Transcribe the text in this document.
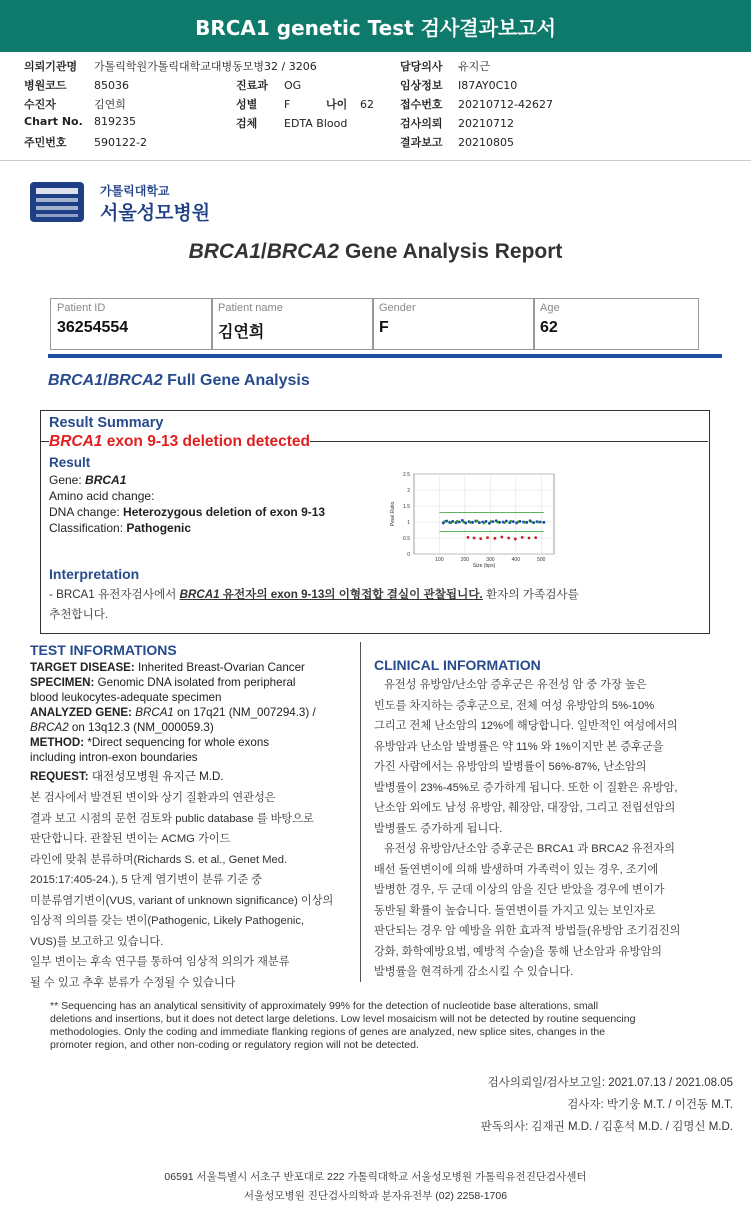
BRCA1 genetic Test 검사결과보고서
의뢰기관명 가톨릭학원가톨릭대학교대병동모병32 / 3206
병원코드 85036
수진자	김연희
Chart No. 819235
주민번호 590122-2
진료과 OG
성별 F	나이 62
검체 EDTA Blood
담당의사 유지근
임상정보 I87AY0C10
접수번호 20210712-42627
검사의뢰 20210712
결과보고 20210805
가톨릭대학교
서울성모병원
BRCA1/BRCA2 Gene Analysis Report
Patient ID
36254554
Patient name
김연희
Gender
F
Age
62
BRCA1/BRCA2 Full Gene Analysis
Result Summary
BRCA1 exon 9-13 deletion detected
Result
Gene: BRCA1
Amino acid change:
DNA change: Heterozygous deletion of exon 9-13
Classification: Pathogenic
0
0.5
1
1.5
2
2.5
100	200	300	400	500
Size (bps)
Peak Ratio
Interpretation
- BRCA1 유전자검사에서 BRCA1 유전자의 exon 9-13의 이형접합 결실이 관찰됩니다. 환자의 가족검사를
추천합니다.
TEST INFORMATIONS
TARGET DISEASE: Inherited Breast-Ovarian Cancer
SPECIMEN: Genomic DNA isolated from peripheral
blood leukocytes-adequate specimen
ANALYZED GENE: BRCA1 on 17q21 (NM_007294.3) /
BRCA2 on 13q12.3 (NM_000059.3)
METHOD: *Direct sequencing for whole exons
including intron-exon boundaries
REQUEST: 대전성모병원 유지근 M.D.
본 검사에서 발견된 변이와 상기 질환과의 연관성은
결과 보고 시점의 문헌 검토와 public database 를 바탕으로
판단합니다. 관찰된 변이는 ACMG 가이드
라인에 맞춰 분류하며(Richards S. et al., Genet Med.
2015:17:405-24.), 5 단계 염기변이 분류 기준 중
미분류염기변이(VUS, variant of unknown significance) 이상의
임상적 의의를 갖는 변이(Pathogenic, Likely Pathogenic,
VUS)를 보고하고 있습니다.
일부 변이는 후속 연구를 통하여 임상적 의의가 재분류
될 수 있고 추후 분류가 수정될 수 있습니다
CLINICAL INFORMATION
유전성 유방암/난소암 증후군은 유전성 암 중 가장 높은
빈도를 차지하는 증후군으로, 전체 여성 유방암의 5%-10%
그리고 전체 난소암의 12%에 해당합니다. 일반적인 여성에서의
유방암과 난소암 발병률은 약 11% 와 1%이지만 본 증후군을
가진 사람에서는 유방암의 발병률이 56%-87%, 난소암의
발병률이 23%-45%로 증가하게 됩니다. 또한 이 질환은 유방암,
난소암 외에도 남성 유방암, 췌장암, 대장암, 그리고 전립선암의
발병률도 증가하게 됩니다.
유전성 유방암/난소암 증후군은 BRCA1 과 BRCA2 유전자의
배선 돌연변이에 의해 발생하며 가족력이 있는 경우, 조기에
발병한 경우, 두 군데 이상의 암을 진단 받았을 경우에 변이가
동반될 확률이 높습니다. 돌연변이를 가지고 있는 보인자로
판단되는 경우 암 예방을 위한 효과적 방법들(유방암 조기검진의
강화, 화학예방요법, 예방적 수술)을 통해 난소암과 유방암의
발병률을 현격하게 감소시킬 수 있습니다.
** Sequencing has an analytical sensitivity of approximately 99% for the detection of nucleotide base alterations, small
deletions and insertions, but it does not detect large deletions. Low level mosaicism will not be detected by routine sequencing
methodologies. Only the coding and immediate flanking regions of genes are analyzed, new splice sites, changes in the
promoter region, and other non-coding or regulatory region will not be detected.
검사의뢰일/검사보고일: 2021.07.13 / 2021.08.05
검사자: 박기웅 M.T. / 이건동 M.T.
판독의사: 김재권 M.D. / 김훈석 M.D. / 김명신 M.D.
06591 서울특별시 서초구 반포대로 222 가톨릭대학교 서울성모병원 가톨릭유전진단검사센터
서울성모병원 진단검사의학과 분자유전부 (02) 2258-1706
